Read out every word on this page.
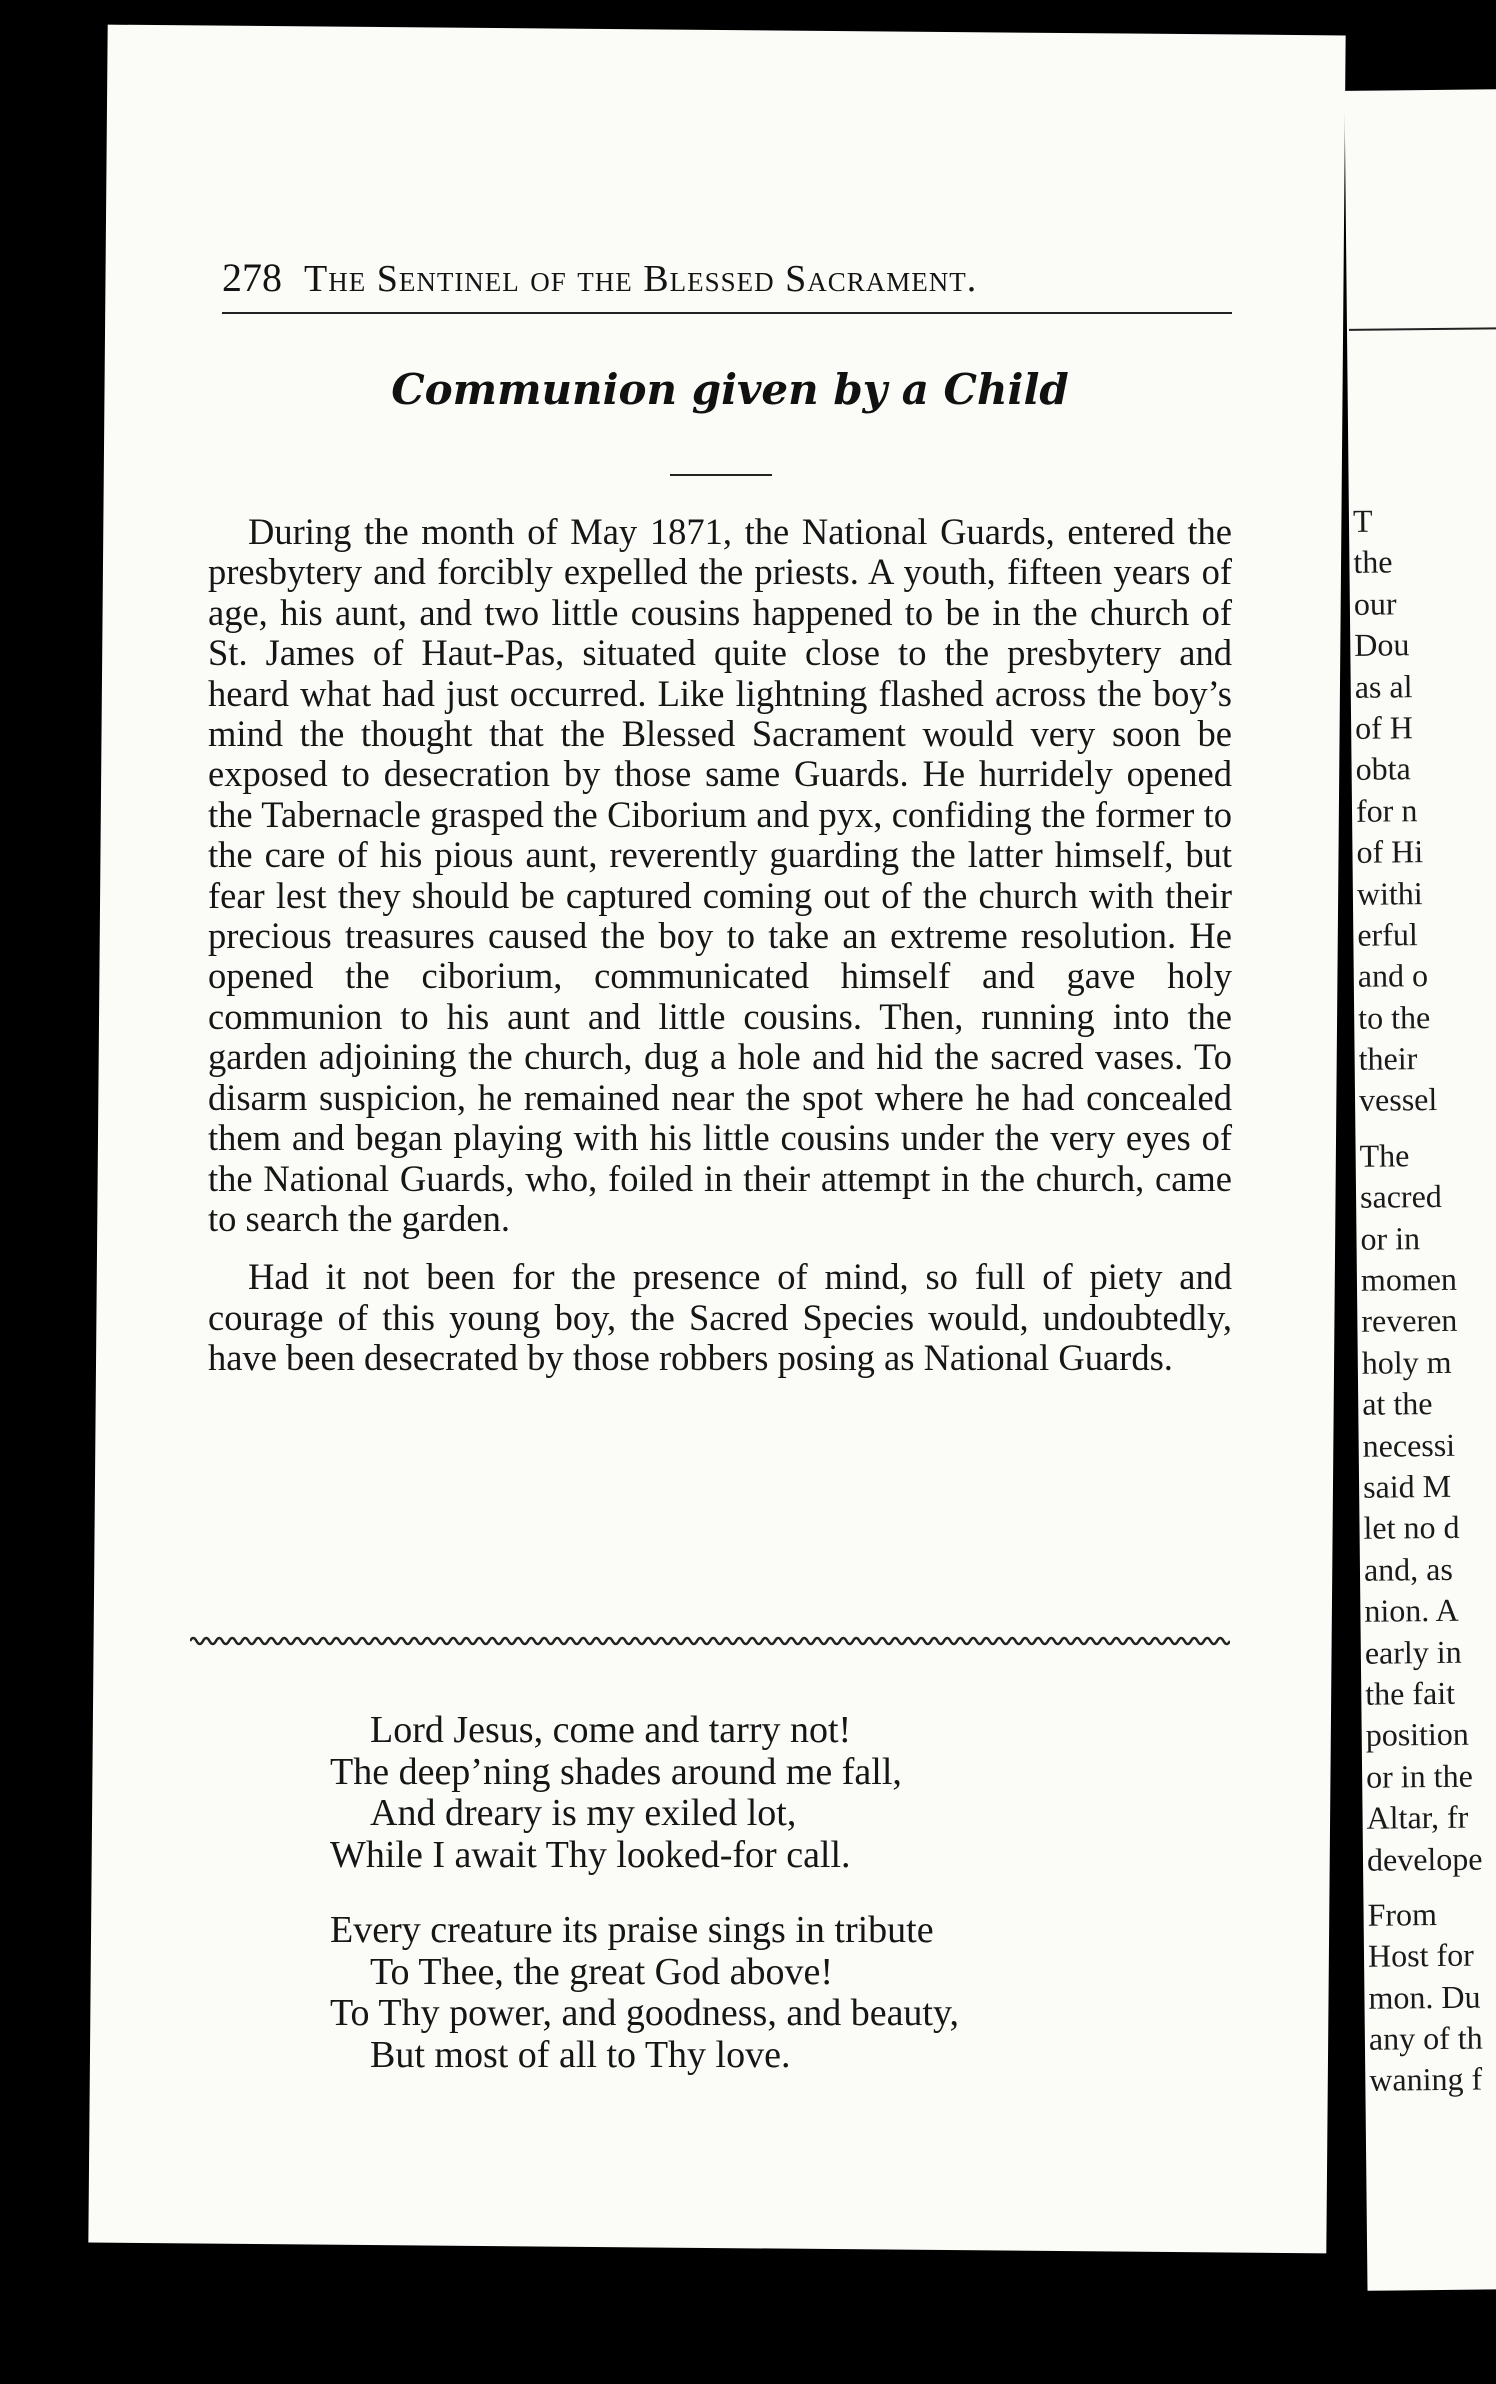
T
the
our
Dou
as al
of H
obta
for n
of Hi
withi
erful
and o
to the
their
vessel
The
sacred
or in
momen
reveren
holy m
at the
necessi
said M
let no d
and, as
nion. A
early in
the fait
position
or in the
Altar, fr
develope
From
Host for
mon. Du
any of th
waning f
278 The Sentinel of the Blessed Sacrament.
Communion given by a Child

During the month of May 1871, the National Guards, entered the presbytery and forcibly expelled the priests. A youth, fifteen years of age, his aunt, and two little cousins happened to be in the church of St. James of Haut-Pas, situated quite close to the presbytery and heard what had just occurred. Like lightning flashed across the boy’s mind the thought that the Blessed Sacrament would very soon be exposed to desecration by those same Guards. He hurridely opened the Tabernacle grasped the Ciborium and pyx, confiding the former to the care of his pious aunt, reverently guarding the latter himself, but fear lest they should be captured coming out of the church with their precious treasures caused the boy to take an extreme resolution. He opened the ciborium, communicated himself and gave holy communion to his aunt and little cousins. Then, running into the garden adjoining the church, dug a hole and hid the sacred vases. To disarm suspicion, he remained near the spot where he had concealed them and began playing with his little cousins under the very eyes of the National Guards, who, foiled in their attempt in the church, came to search the garden.

Had it not been for the presence of mind, so full of piety and courage of this young boy, the Sacred Species would, undoubtedly, have been desecrated by those robbers posing as National Guards.

Lord Jesus, come and tarry not!
The deep’ning shades around me fall,
And dreary is my exiled lot,
While I await Thy looked-for call.
Every creature its praise sings in tribute
To Thee, the great God above!
To Thy power, and goodness, and beauty,
But most of all to Thy love.
